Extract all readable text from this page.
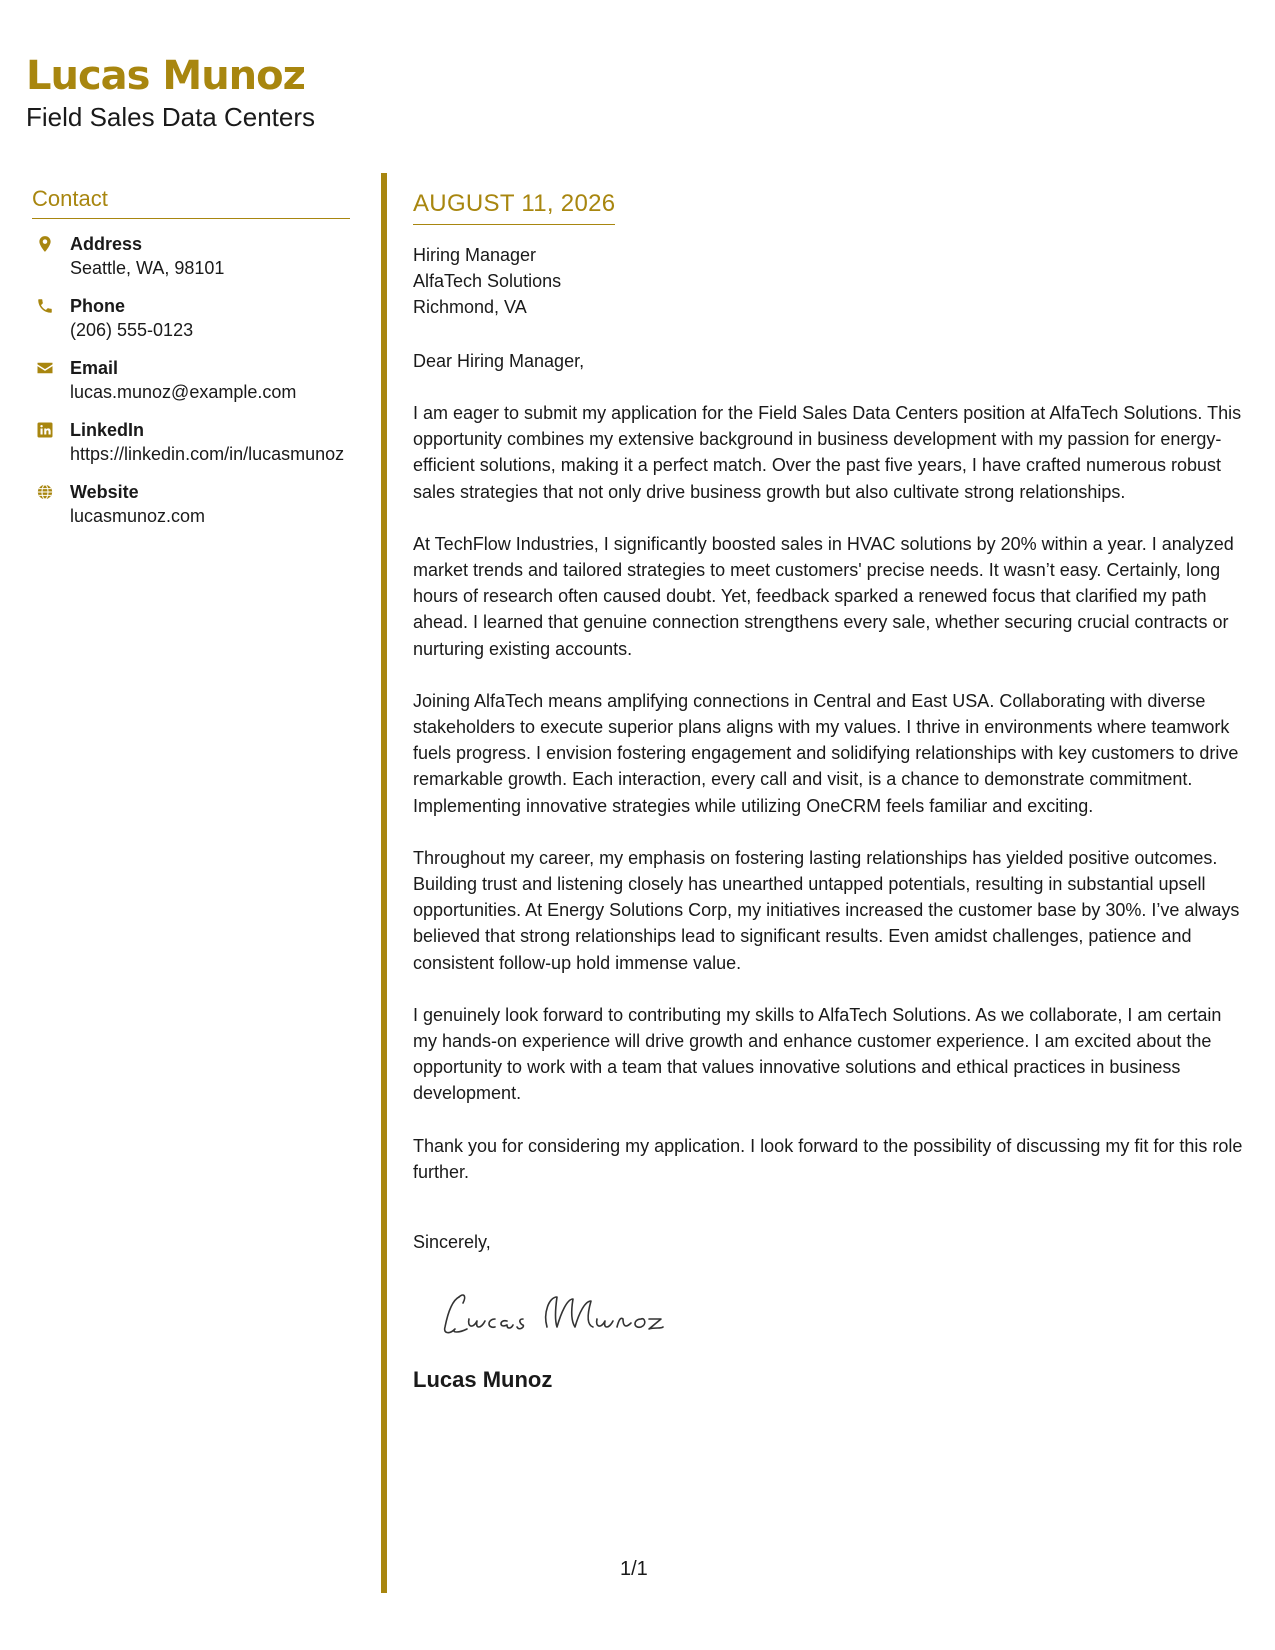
Lucas Munoz
Field Sales Data Centers
Contact
Address
Seattle, WA, 98101
Phone
(206) 555-0123
Email
lucas.munoz@example.com
LinkedIn
https://linkedin.com/in/lucasmunoz
Website
lucasmunoz.com
AUGUST 11, 2026
Hiring Manager
AlfaTech Solutions
Richmond, VA
Dear Hiring Manager,
I am eager to submit my application for the Field Sales Data Centers position at AlfaTech Solutions. This opportunity combines my extensive background in business development with my passion for energy-efficient solutions, making it a perfect match. Over the past five years, I have crafted numerous robust sales strategies that not only drive business growth but also cultivate strong relationships.
At TechFlow Industries, I significantly boosted sales in HVAC solutions by 20% within a year. I analyzed market trends and tailored strategies to meet customers' precise needs. It wasn’t easy. Certainly, long hours of research often caused doubt. Yet, feedback sparked a renewed focus that clarified my path ahead. I learned that genuine connection strengthens every sale, whether securing crucial contracts or nurturing existing accounts.
Joining AlfaTech means amplifying connections in Central and East USA. Collaborating with diverse stakeholders to execute superior plans aligns with my values. I thrive in environments where teamwork fuels progress. I envision fostering engagement and solidifying relationships with key customers to drive remarkable growth. Each interaction, every call and visit, is a chance to demonstrate commitment. Implementing innovative strategies while utilizing OneCRM feels familiar and exciting.
Throughout my career, my emphasis on fostering lasting relationships has yielded positive outcomes. Building trust and listening closely has unearthed untapped potentials, resulting in substantial upsell opportunities. At Energy Solutions Corp, my initiatives increased the customer base by 30%. I’ve always believed that strong relationships lead to significant results. Even amidst challenges, patience and consistent follow-up hold immense value.
I genuinely look forward to contributing my skills to AlfaTech Solutions. As we collaborate, I am certain my hands-on experience will drive growth and enhance customer experience. I am excited about the opportunity to work with a team that values innovative solutions and ethical practices in business development.
Thank you for considering my application. I look forward to the possibility of discussing my fit for this role further.
Sincerely,
Lucas Munoz
1/1
